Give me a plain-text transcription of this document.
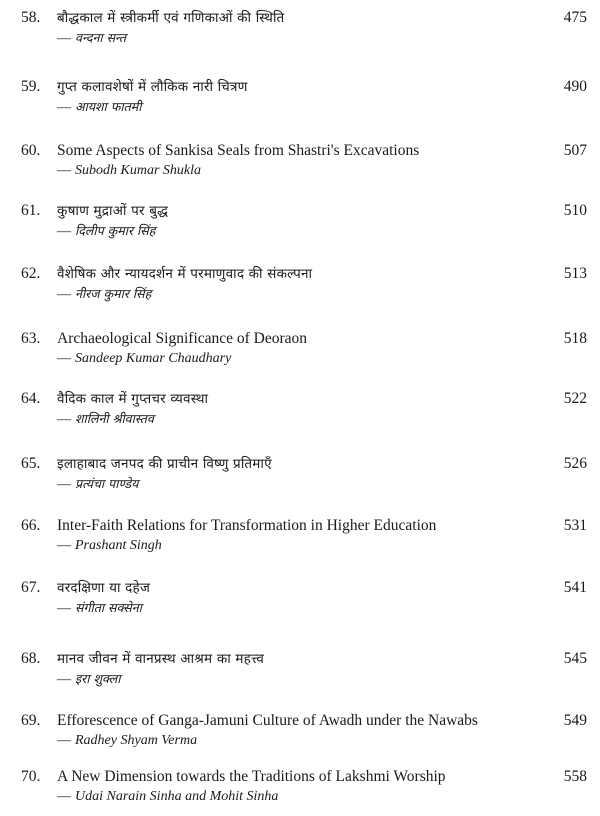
58. बौद्धकाल में स्त्रीकर्मी एवं गणिकाओं की स्थिति
— वन्दना सन्त
475
59. गुप्त कलावशेषों में लौकिक नारी चित्रण
— आयशा फातमी
490
60. Some Aspects of Sankisa Seals from Shastri's Excavations
— Subodh Kumar Shukla
507
61. कुषाण मुद्राओं पर बुद्ध
— दिलीप कुमार सिंह
510
62. वैशेषिक और न्यायदर्शन में परमाणुवाद की संकल्पना
— नीरज कुमार सिंह
513
63. Archaeological Significance of Deoraon
— Sandeep Kumar Chaudhary
518
64. वैदिक काल में गुप्तचर व्यवस्था
— शालिनी श्रीवास्तव
522
65. इलाहाबाद जनपद की प्राचीन विष्णु प्रतिमाएँ
— प्रत्यंचा पाण्डेय
526
66. Inter-Faith Relations for Transformation in Higher Education
— Prashant Singh
531
67. वरदक्षिणा या दहेज
— संगीता सक्सेना
541
68. मानव जीवन में वानप्रस्थ आश्रम का महत्त्व
— इरा शुक्ला
545
69. Efforescence of Ganga-Jamuni Culture of Awadh under the Nawabs
— Radhey Shyam Verma
549
70. A New Dimension towards the Traditions of Lakshmi Worship
— Udai Narain Sinha and Mohit Sinha
558
